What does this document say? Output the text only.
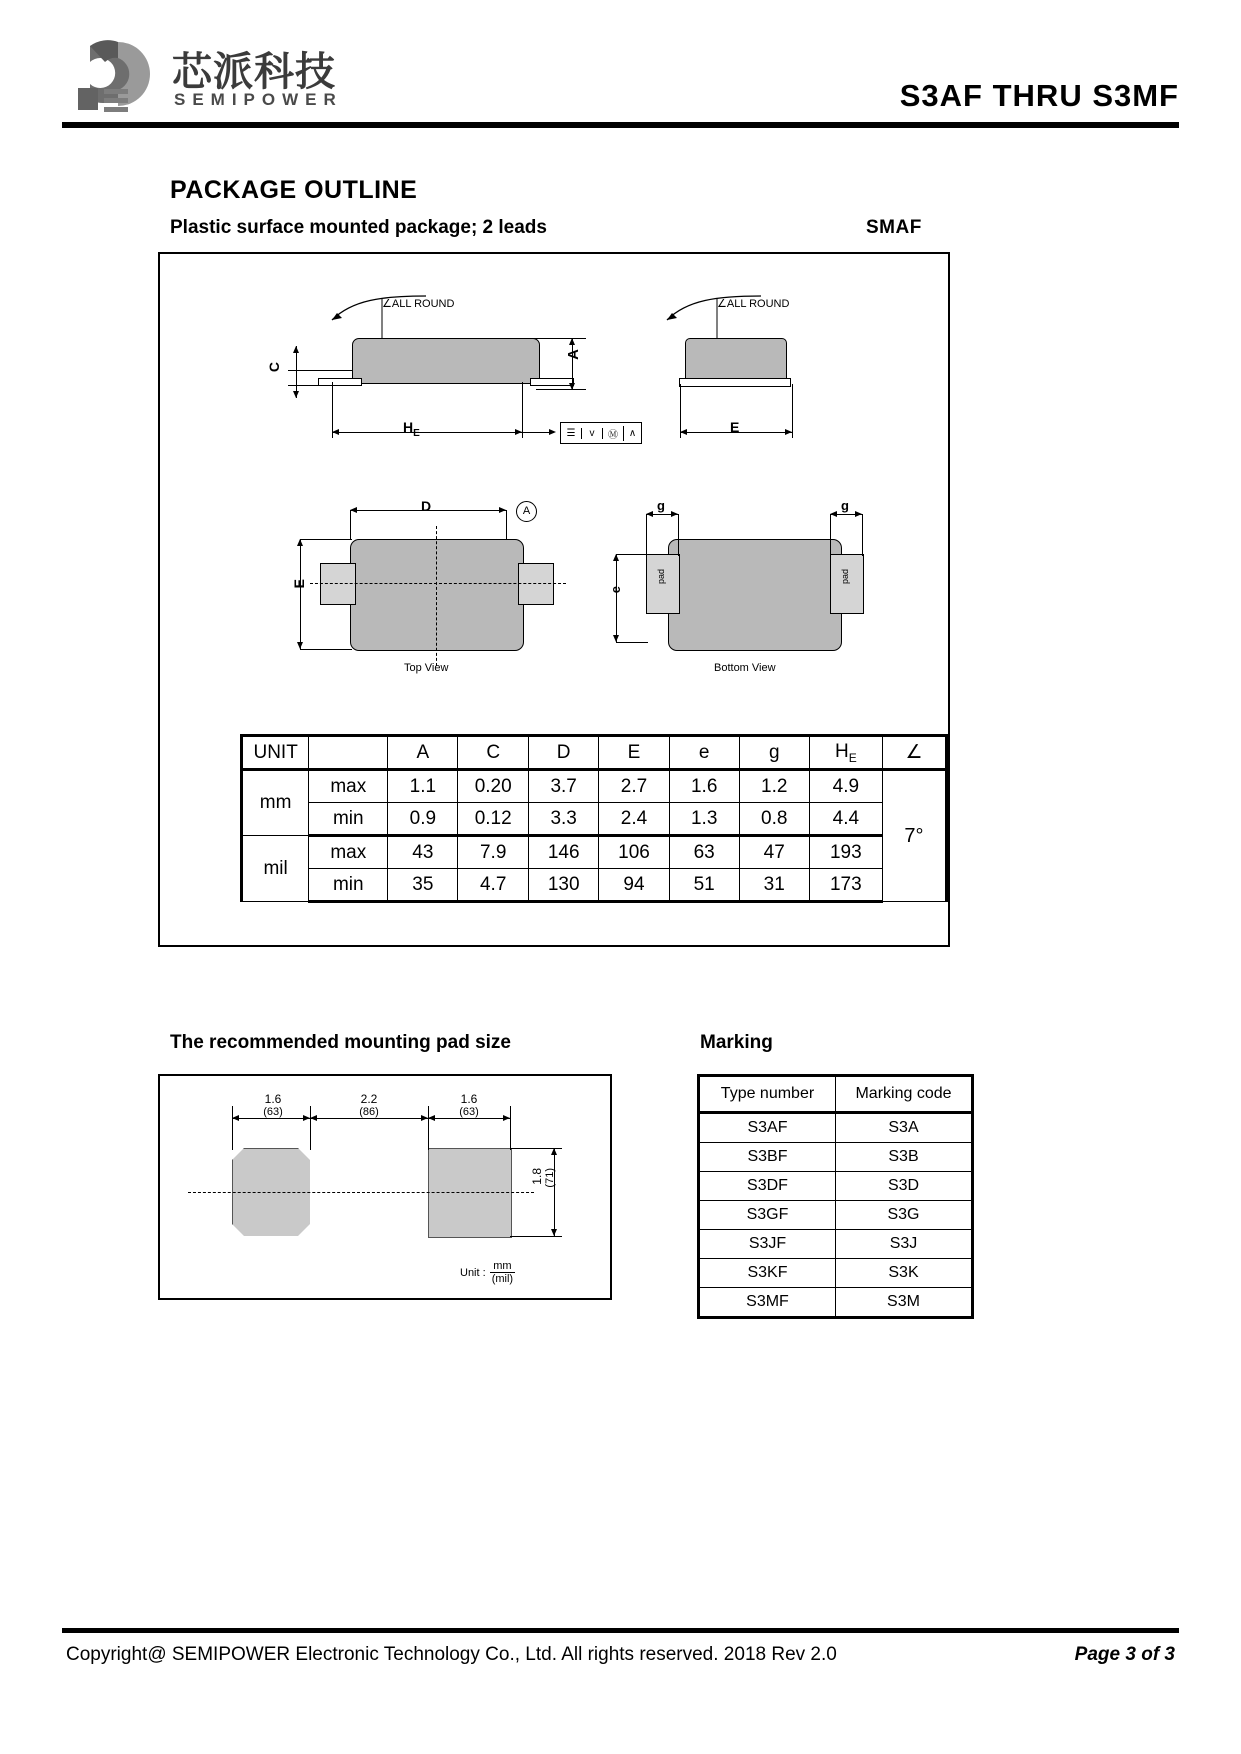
芯派科技
SEMIPOWER	S3AF THRU S3MF
PACKAGE OUTLINE
Plastic surface mounted package; 2 leads	SMAF
∠ALL ROUND
C
A
$H_E$	☰	v	Ⓜ	∧
∠ALL ROUND
E
D	A
E
Top View
pad	pad
g	g
e
Bottom View
UNIT		A	C	D	E	e	g	$H_E$	∠
mm	max	1.1	0.20	3.7	2.7	1.6	1.2	4.9	7°
	min	0.9	0.12	3.3	2.4	1.3	0.8	4.4	
mil	max	43	7.9	146	106	63	47	193	
	min	35	4.7	130	94	51	31	173	
The recommended mounting pad size
1.6
(63)
2.2
(86)
1.6
(63)
1.8 (71)
Unit :
mm
(mil)
Marking
Type number	Marking code
S3AF	S3A
S3BF	S3B
S3DF	S3D
S3GF	S3G
S3JF	S3J
S3KF	S3K
S3MF	S3M
Copyright@ SEMIPOWER Electronic Technology Co., Ltd. All rights reserved. 2018 Rev 2.0	Page 3 of 3
